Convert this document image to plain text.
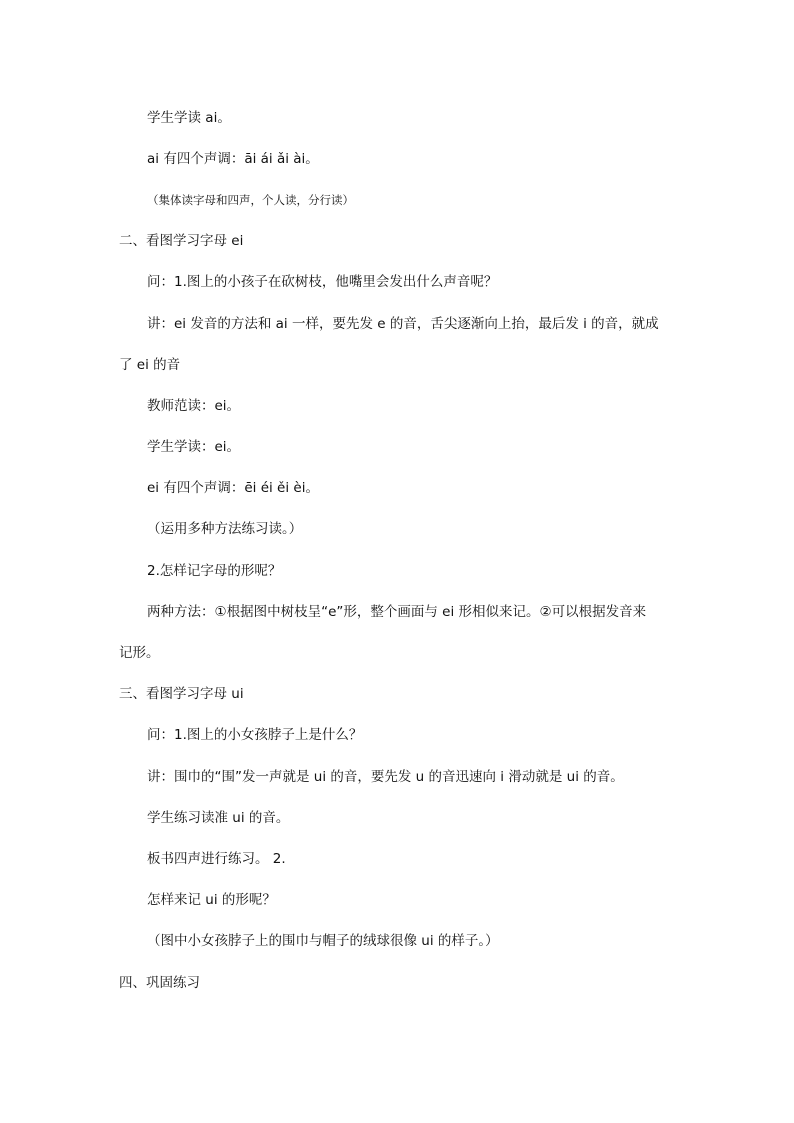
学生学读 ai。
ai 有四个声调：āi ái ǎi ài。
（集体读字母和四声，个人读，分行读）
二、看图学习字母 ei
问：1.图上的小孩子在砍树枝，他嘴里会发出什么声音呢？
讲：ei 发音的方法和 ai 一样，要先发 e 的音，舌尖逐渐向上抬，最后发 i 的音，就成
了 ei 的音
教师范读：ei。
学生学读：ei。
ei 有四个声调：ēi éi ěi èi。
（运用多种方法练习读。）
2.怎样记字母的形呢？
两种方法：①根据图中树枝呈“e”形，整个画面与 ei 形相似来记。②可以根据发音来
记形。
三、看图学习字母 ui
问：1.图上的小女孩脖子上是什么？
讲：围巾的“围”发一声就是 ui 的音，要先发 u 的音迅速向 i 滑动就是 ui 的音。
学生练习读准 ui 的音。
板书四声进行练习。 2.
怎样来记 ui 的形呢？
（图中小女孩脖子上的围巾与帽子的绒球很像 ui 的样子。）
四、巩固练习
